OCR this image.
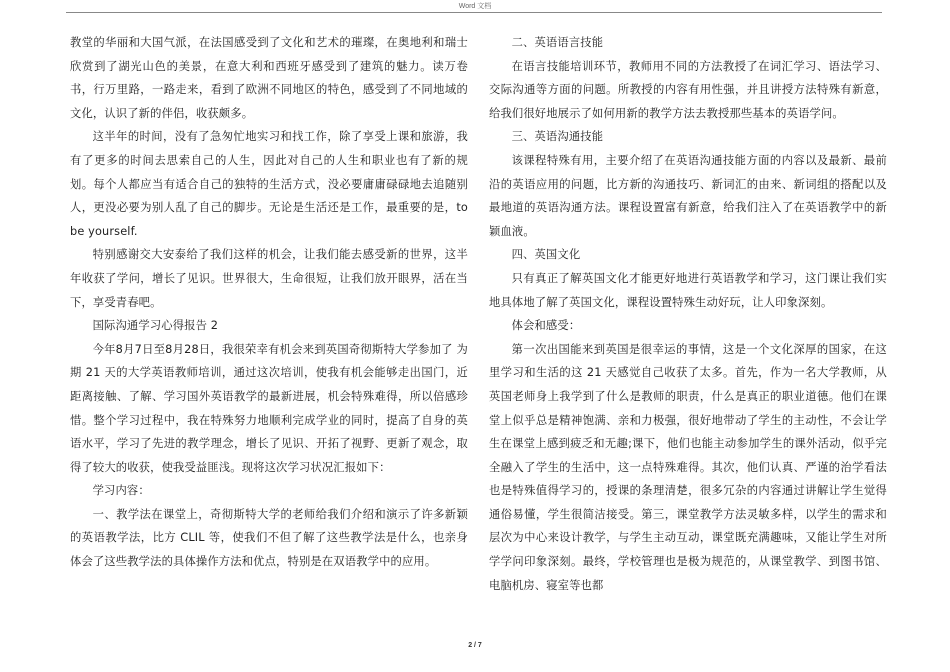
Word 文档

教堂的华丽和大国气派，在法国感受到了文化和艺术的璀璨，在奥地利和瑞士欣赏到了湖光山色的美景，在意大利和西班牙感受到了建筑的魅力。读万卷书，行万里路，一路走来，看到了欧洲不同地区的特色，感受到了不同地域的文化，认识了新的伴侣，收获颇多。

这半年的时间，没有了急匆忙地实习和找工作，除了享受上课和旅游，我有了更多的时间去思索自己的人生，因此对自己的人生和职业也有了新的规划。每个人都应当有适合自己的独特的生活方式，没必要庸庸碌碌地去追随别人，更没必要为别人乱了自己的脚步。无论是生活还是工作，最重要的是，to be yourself.

特别感谢交大安泰给了我们这样的机会，让我们能去感受新的世界，这半年收获了学问，增长了见识。世界很大，生命很短，让我们放开眼界，活在当下，享受青春吧。

国际沟通学习心得报告 2

今年8月7日至8月28日，我很荣幸有机会来到英国奇彻斯特大学参加了 为期 21 天的大学英语教师培训，通过这次培训，使我有机会能够走出国门，近距离接触、了解、学习国外英语教学的最新进展，机会特殊难得，所以倍感珍惜。整个学习过程中，我在特殊努力地顺利完成学业的同时，提高了自身的英语水平，学习了先进的教学理念，增长了见识、开拓了视野、更新了观念，取得了较大的收获，使我受益匪浅。现将这次学习状况汇报如下：

学习内容：

一、教学法在课堂上，奇彻斯特大学的老师给我们介绍和演示了许多新颖的英语教学法，比方 CLIL 等，使我们不但了解了这些教学法是什么，也亲身体会了这些教学法的具体操作方法和优点，特别是在双语教学中的应用。

二、英语语言技能

在语言技能培训环节，教师用不同的方法教授了在词汇学习、语法学习、交际沟通等方面的问题。所教授的内容有用性强，并且讲授方法特殊有新意，给我们很好地展示了如何用新的教学方法去教授那些基本的英语学问。

三、英语沟通技能

该课程特殊有用，主要介绍了在英语沟通技能方面的内容以及最新、最前沿的英语应用的问题，比方新的沟通技巧、新词汇的由来、新词组的搭配以及最地道的英语沟通方法。课程设置富有新意，给我们注入了在英语教学中的新颖血液。

四、英国文化

只有真正了解英国文化才能更好地进行英语教学和学习，这门课让我们实地具体地了解了英国文化，课程设置特殊生动好玩，让人印象深刻。

体会和感受：

第一次出国能来到英国是很幸运的事情，这是一个文化深厚的国家，在这里学习和生活的这 21 天感觉自己收获了太多。首先，作为一名大学教师，从英国老师身上我学到了什么是教师的职责，什么是真正的职业道德。他们在课堂上似乎总是精神饱满、亲和力极强，很好地带动了学生的主动性，不会让学生在课堂上感到疲乏和无趣;课下，他们也能主动参加学生的课外活动，似乎完全融入了学生的生活中，这一点特殊难得。其次，他们认真、严谨的治学看法也是特殊值得学习的，授课的条理清楚，很多冗杂的内容通过讲解让学生觉得通俗易懂，学生很简洁接受。第三，课堂教学方法灵敏多样，以学生的需求和层次为中心来设计教学，与学生主动互动，课堂既充满趣味，又能让学生对所学学问印象深刻。最终，学校管理也是极为规范的，从课堂教学、到图书馆、电脑机房、寝室等也都

2 / 7
